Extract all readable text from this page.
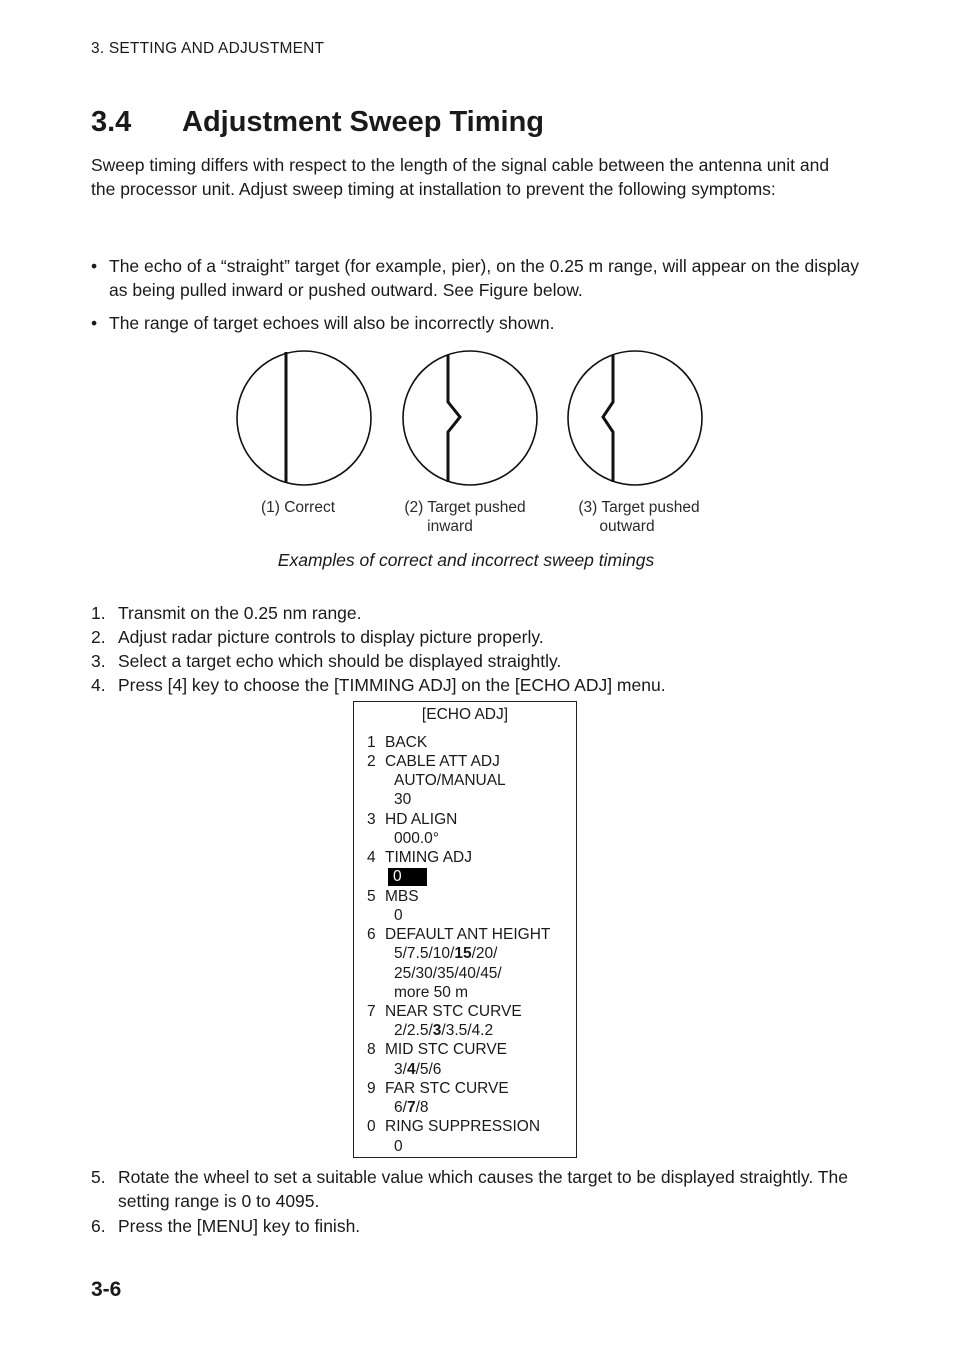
3. SETTING AND ADJUSTMENT
3.4 Adjustment Sweep Timing
Sweep timing differs with respect to the length of the signal cable between the antenna unit and the processor unit. Adjust sweep timing at installation to prevent the following symptoms:
• The echo of a “straight” target (for example, pier), on the 0.25 m range, will appear on the display as being pulled inward or pushed outward. See Figure below.
• The range of target echoes will also be incorrectly shown.
(1) Correct	(2) Target pushed
inward
(3) Target pushed
outward
Examples of correct and incorrect sweep timings
1. Transmit on the 0.25 nm range.
2. Adjust radar picture controls to display picture properly.
3. Select a target echo which should be displayed straightly.
4. Press [4] key to choose the [TIMMING ADJ] on the [ECHO ADJ] menu.
[ECHO ADJ]
1 BACK
2 CABLE ATT ADJ
AUTO/MANUAL
30
3 HD ALIGN
000.0°
4 TIMING ADJ
0
5 MBS
0
6 DEFAULT ANT HEIGHT
5/7.5/10/15/20/
25/30/35/40/45/
more 50 m
7 NEAR STC CURVE
2/2.5/3/3.5/4.2
8 MID STC CURVE
3/4/5/6
9 FAR STC CURVE
6/7/8
0 RING SUPPRESSION
0
5. Rotate the wheel to set a suitable value which causes the target to be displayed straightly. The setting range is 0 to 4095.
6. Press the [MENU] key to finish.
3-6
